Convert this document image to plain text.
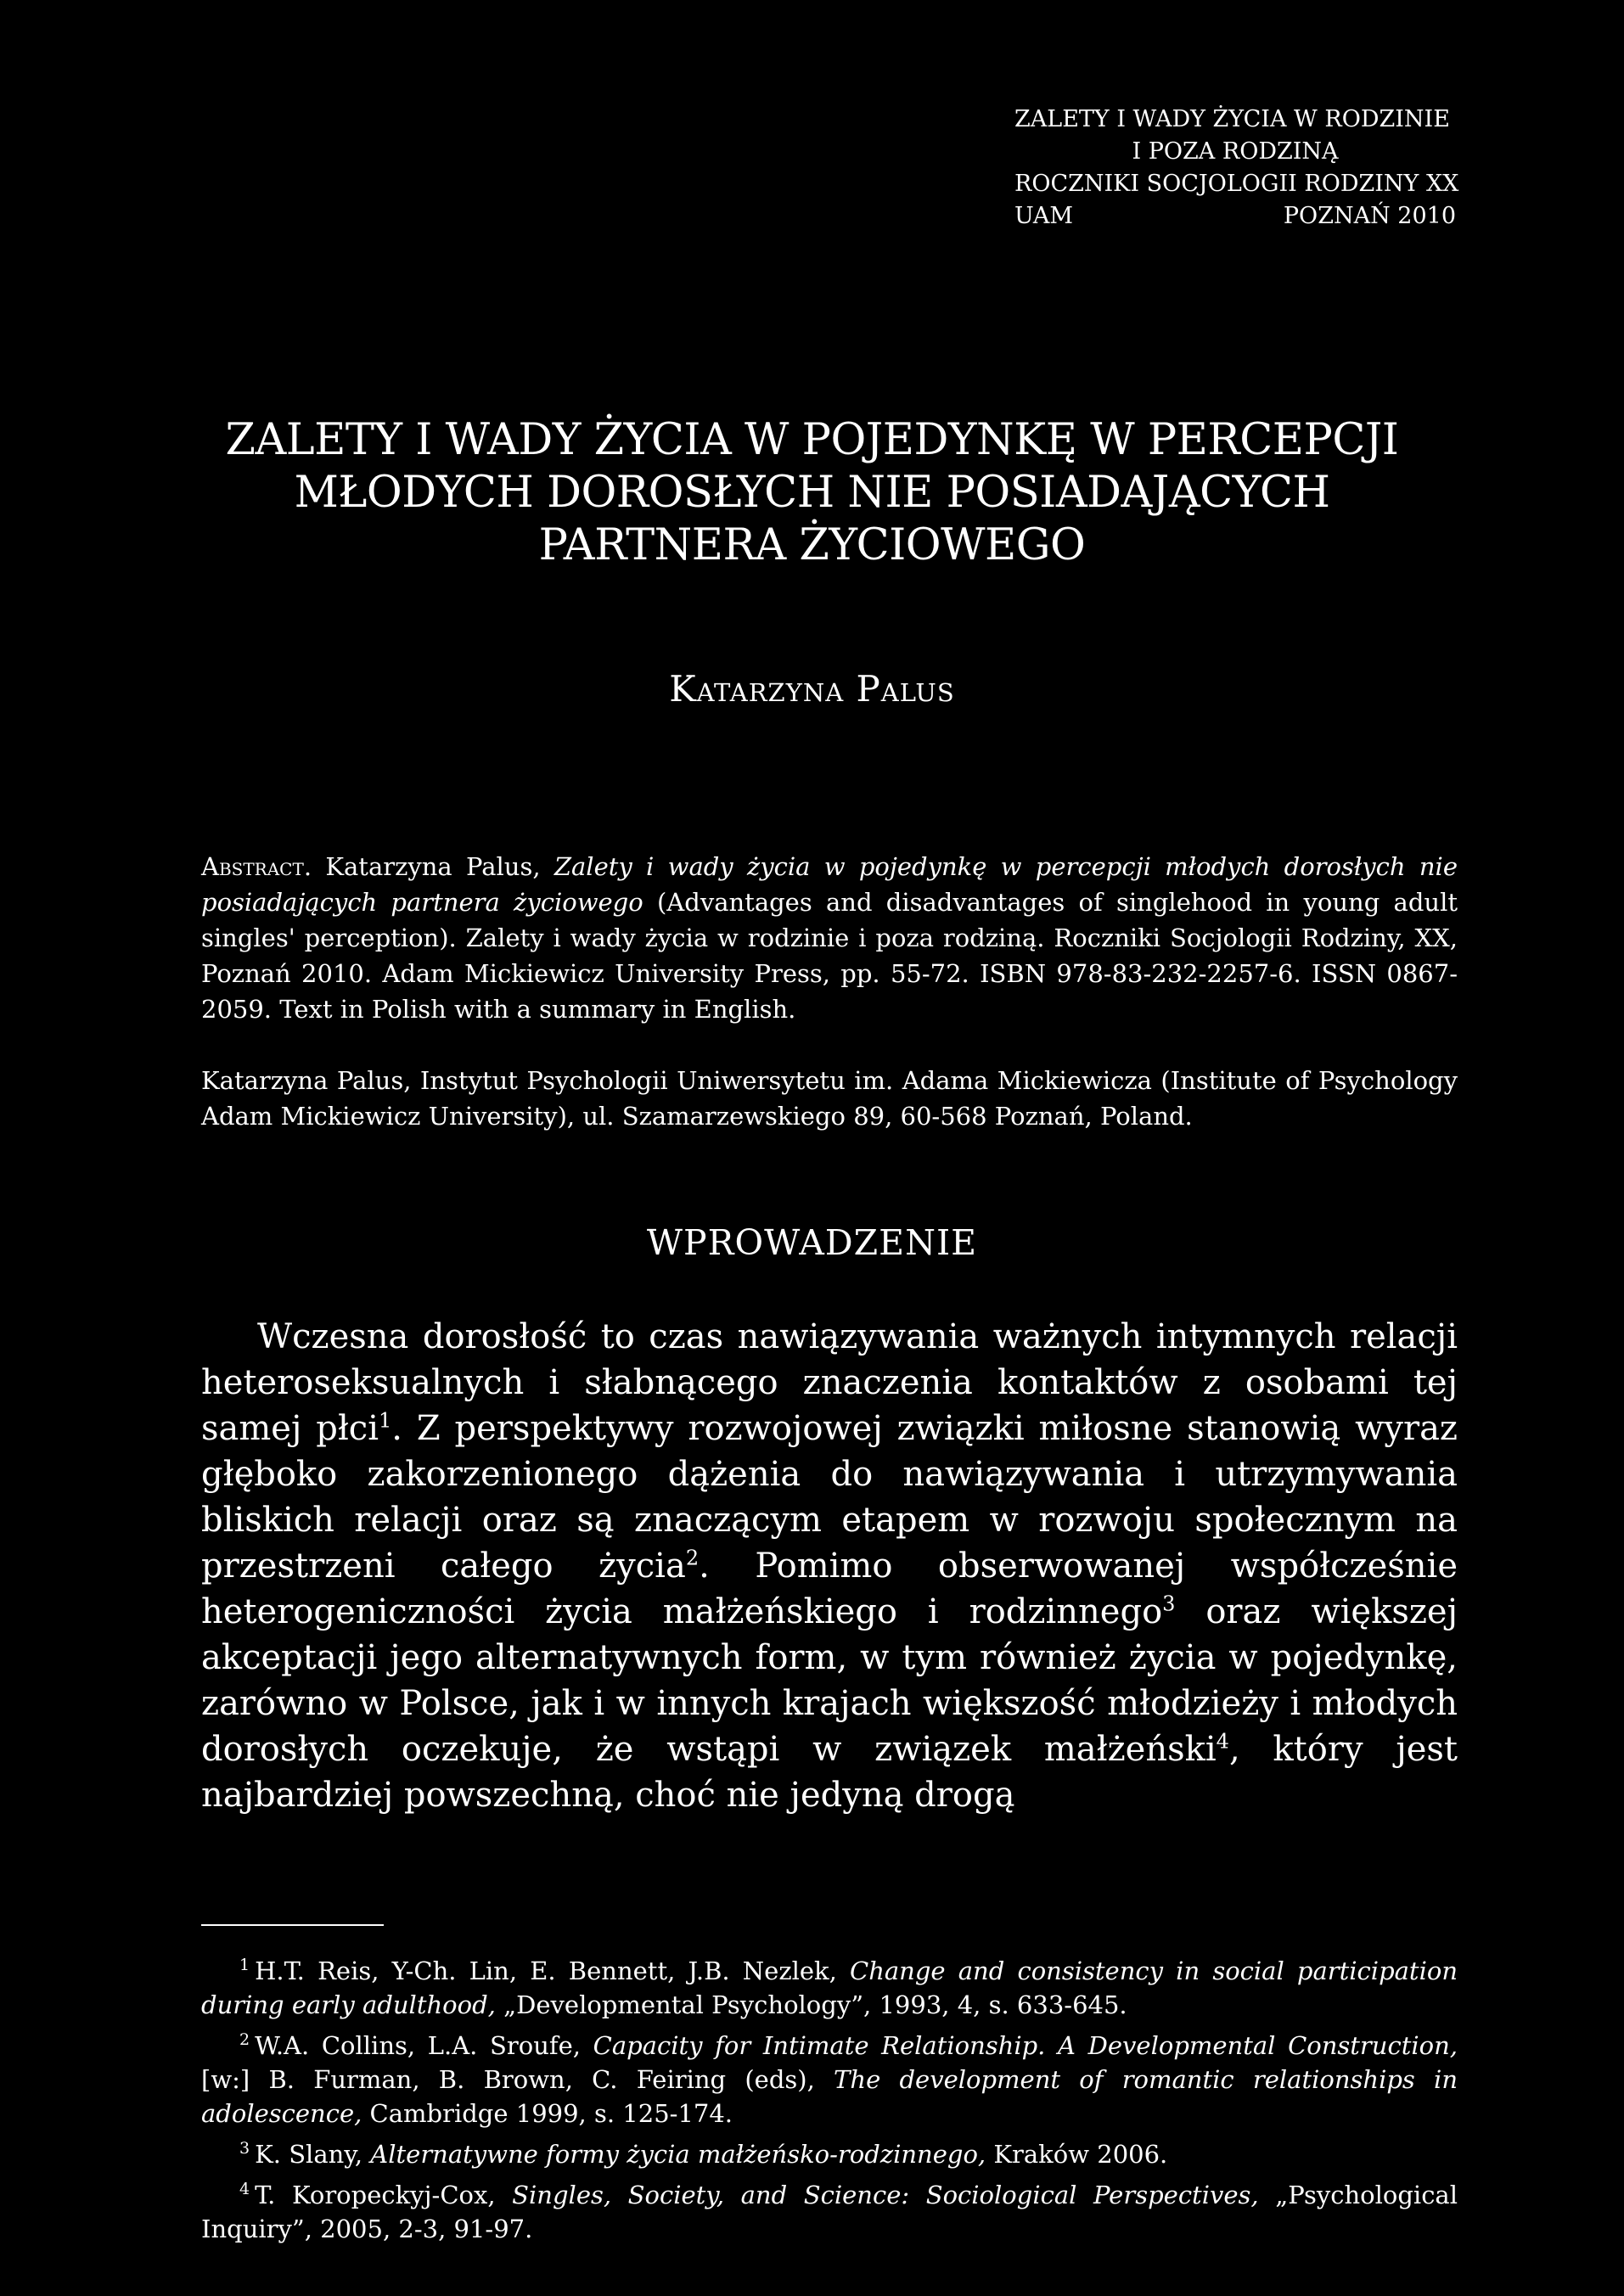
ZALETY I WADY ŻYCIA W RODZINIE
I POZA RODZINĄ
ROCZNIKI SOCJOLOGII RODZINY XX
UAM	POZNAŃ 2010
ZALETY I WADY ŻYCIA W POJEDYNKĘ W PERCEPCJI
MŁODYCH DOROSŁYCH NIE POSIADAJĄCYCH
PARTNERA ŻYCIOWEGO
Katarzyna Palus
Abstract. Katarzyna Palus, Zalety i wady życia w pojedynkę w percepcji młodych dorosłych nie posiadających partnera życiowego (Advantages and disadvantages of singlehood in young adult singles' perception). Zalety i wady życia w rodzinie i poza rodziną. Roczniki Socjologii Rodziny, XX, Poznań 2010. Adam Mickiewicz University Press, pp. 55-72. ISBN 978-83-232-2257-6. ISSN 0867-2059. Text in Polish with a summary in English.
Katarzyna Palus, Instytut Psychologii Uniwersytetu im. Adama Mickiewicza (Institute of Psychology Adam Mickiewicz University), ul. Szamarzewskiego 89, 60-568 Poznań, Poland.
WPROWADZENIE

Wczesna dorosłość to czas nawiązywania ważnych intymnych relacji heteroseksualnych i słabnącego znaczenia kontaktów z osobami tej samej płci$^1$. Z perspektywy rozwojowej związki miłosne stanowią wyraz głęboko zakorzenionego dążenia do nawiązywania i utrzymywania bliskich relacji oraz są znaczącym etapem w rozwoju społecznym na przestrzeni całego życia$^2$. Pomimo obserwowanej współcześnie heterogeniczności życia małżeńskiego i rodzinnego$^3$ oraz większej akceptacji jego alternatywnych form, w tym również życia w pojedynkę, zarówno w Polsce, jak i w innych krajach większość młodzieży i młodych dorosłych oczekuje, że wstąpi w związek małżeński$^4$, który jest najbardziej powszechną, choć nie jedyną drogą

$^1$ H.T. Reis, Y-Ch. Lin, E. Bennett, J.B. Nezlek, Change and consistency in social participation during early adulthood, „Developmental Psychology”, 1993, 4, s. 633-645.

$^2$ W.A. Collins, L.A. Sroufe, Capacity for Intimate Relationship. A Developmental Construction, [w:] B. Furman, B. Brown, C. Feiring (eds), The development of romantic relationships in adolescence, Cambridge 1999, s. 125-174.

$^3$ K. Slany, Alternatywne formy życia małżeńsko-rodzinnego, Kraków 2006.

$^4$ T. Koropeckyj-Cox, Singles, Society, and Science: Sociological Perspectives, „Psychological Inquiry”, 2005, 2-3, 91-97.
